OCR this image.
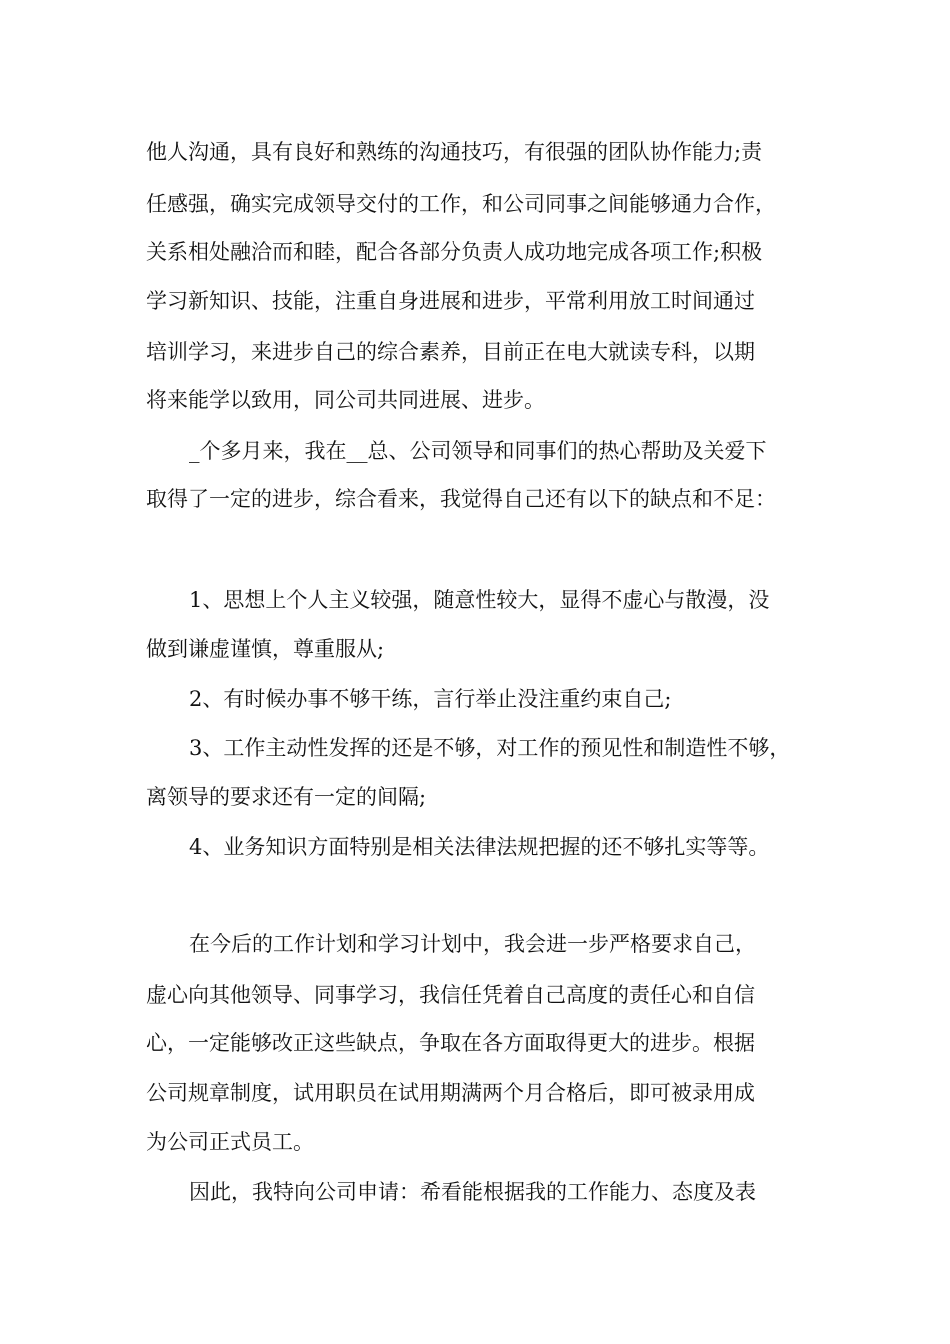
他人沟通，具有良好和熟练的沟通技巧，有很强的团队协作能力;责
任感强，确实完成领导交付的工作，和公司同事之间能够通力合作，
关系相处融洽而和睦，配合各部分负责人成功地完成各项工作;积极
学习新知识、技能，注重自身进展和进步，平常利用放工时间通过
培训学习，来进步自己的综合素养，目前正在电大就读专科，以期
将来能学以致用，同公司共同进展、进步。
_个多月来，我在__总、公司领导和同事们的热心帮助及关爱下
取得了一定的进步，综合看来，我觉得自己还有以下的缺点和不足：
1、思想上个人主义较强，随意性较大，显得不虚心与散漫，没
做到谦虚谨慎，尊重服从;
2、有时候办事不够干练，言行举止没注重约束自己;
3、工作主动性发挥的还是不够，对工作的预见性和制造性不够，
离领导的要求还有一定的间隔;
4、业务知识方面特别是相关法律法规把握的还不够扎实等等。
在今后的工作计划和学习计划中，我会进一步严格要求自己，
虚心向其他领导、同事学习，我信任凭着自己高度的责任心和自信
心，一定能够改正这些缺点，争取在各方面取得更大的进步。根据
公司规章制度，试用职员在试用期满两个月合格后，即可被录用成
为公司正式员工。
因此，我特向公司申请：希看能根据我的工作能力、态度及表
